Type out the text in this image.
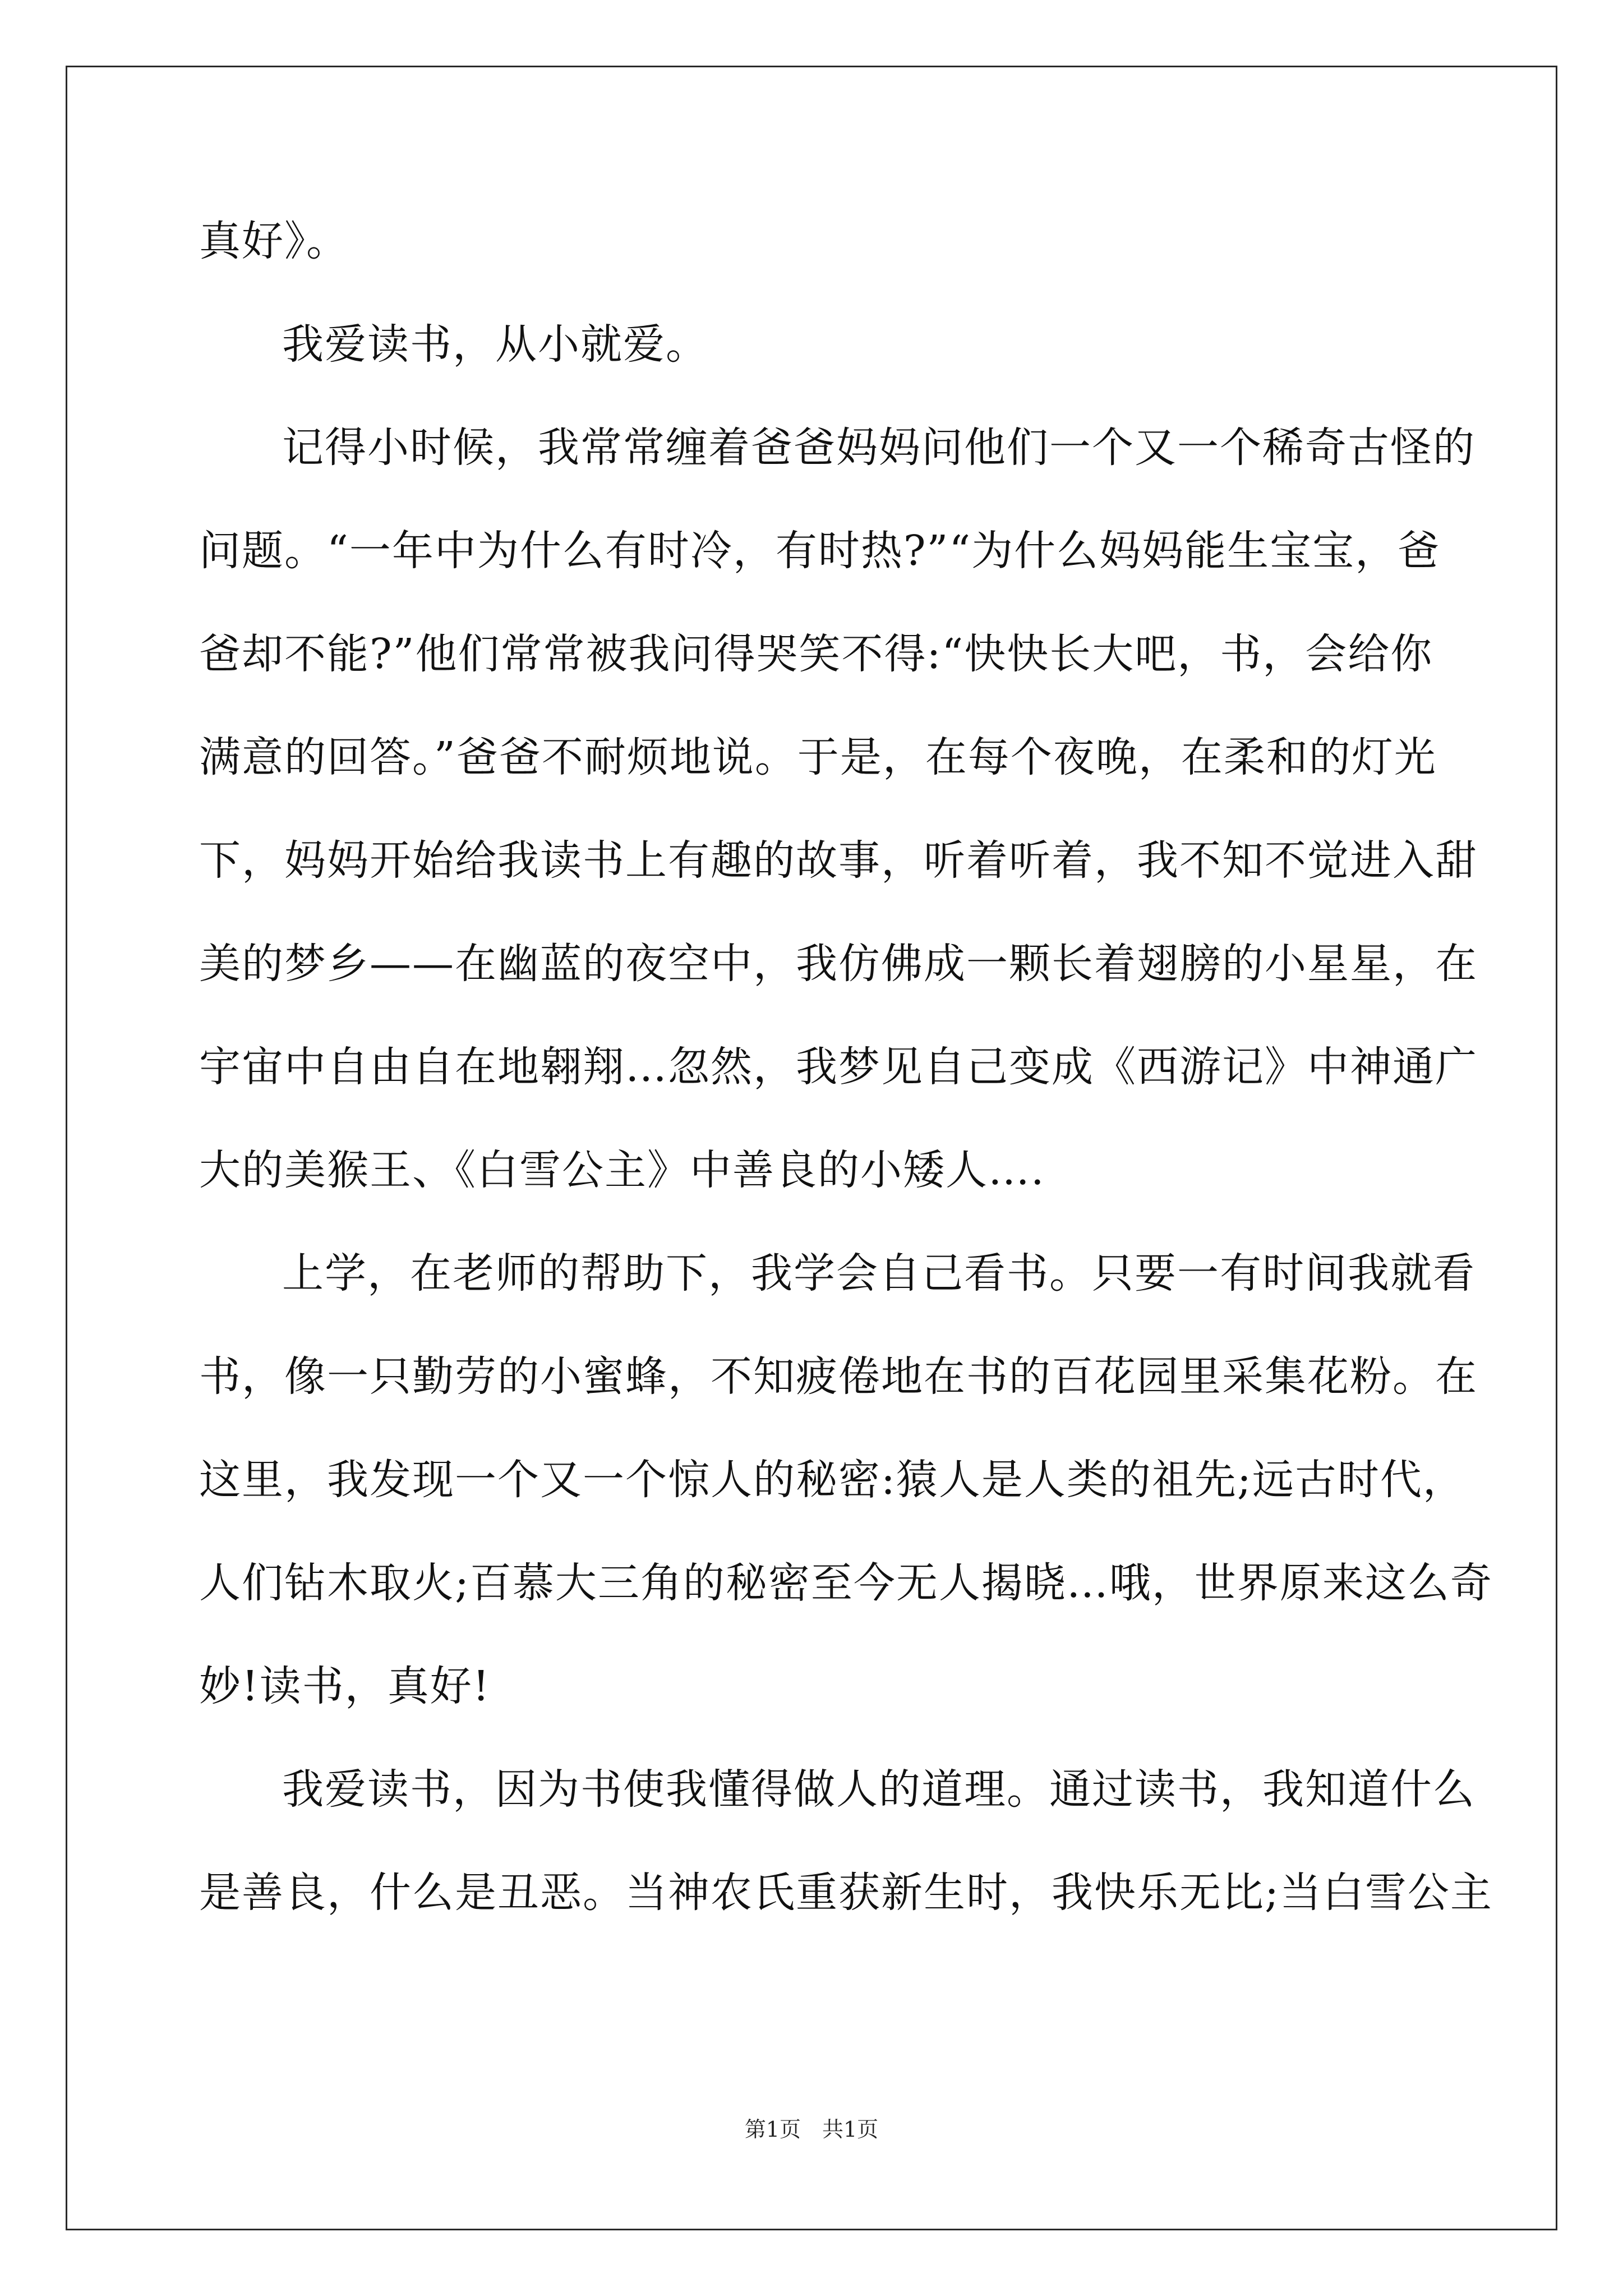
真好》。
我爱读书，从小就爱。
记得小时候，我常常缠着爸爸妈妈问他们一个又一个稀奇古怪的
问题。“一年中为什么有时冷，有时热?”“为什么妈妈能生宝宝，爸
爸却不能?”他们常常被我问得哭笑不得:“快快长大吧，书，会给你
满意的回答。”爸爸不耐烦地说。于是，在每个夜晚，在柔和的灯光
下，妈妈开始给我读书上有趣的故事，听着听着，我不知不觉进入甜
美的梦乡——在幽蓝的夜空中，我仿佛成一颗长着翅膀的小星星，在
宇宙中自由自在地翱翔…忽然，我梦见自己变成《西游记》中神通广
大的美猴王、《白雪公主》中善良的小矮人….
上学，在老师的帮助下，我学会自己看书。只要一有时间我就看
书，像一只勤劳的小蜜蜂，不知疲倦地在书的百花园里采集花粉。在
这里，我发现一个又一个惊人的秘密:猿人是人类的祖先;远古时代，
人们钻木取火;百慕大三角的秘密至今无人揭晓…哦，世界原来这么奇
妙!读书，真好!
我爱读书，因为书使我懂得做人的道理。通过读书，我知道什么
是善良，什么是丑恶。当神农氏重获新生时，我快乐无比;当白雪公主
第1页　共1页
